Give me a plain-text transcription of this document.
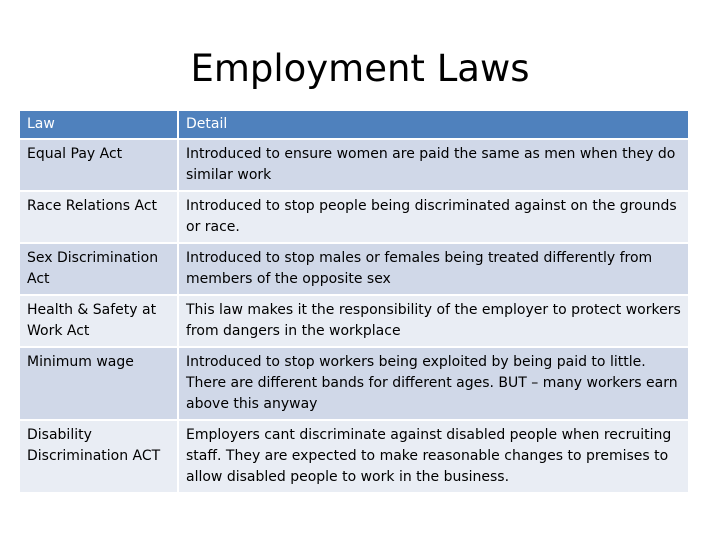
Employment Laws
Law	Detail
Equal Pay Act	Introduced to ensure women are paid the same as men when they do similar work
Race Relations Act	Introduced to stop people being discriminated against on the grounds or race.
Sex Discrimination Act	Introduced to stop males or females being treated differently from members of the opposite sex
Health & Safety at Work Act	This law makes it the responsibility of the employer to protect workers from dangers in the workplace
Minimum wage	Introduced to stop workers being exploited by being paid to little. There are different bands for different ages. BUT – many workers earn above this anyway
Disability Discrimination ACT	Employers cant discriminate against disabled people when recruiting staff. They are expected to make reasonable changes to premises to allow disabled people to work in the business.
